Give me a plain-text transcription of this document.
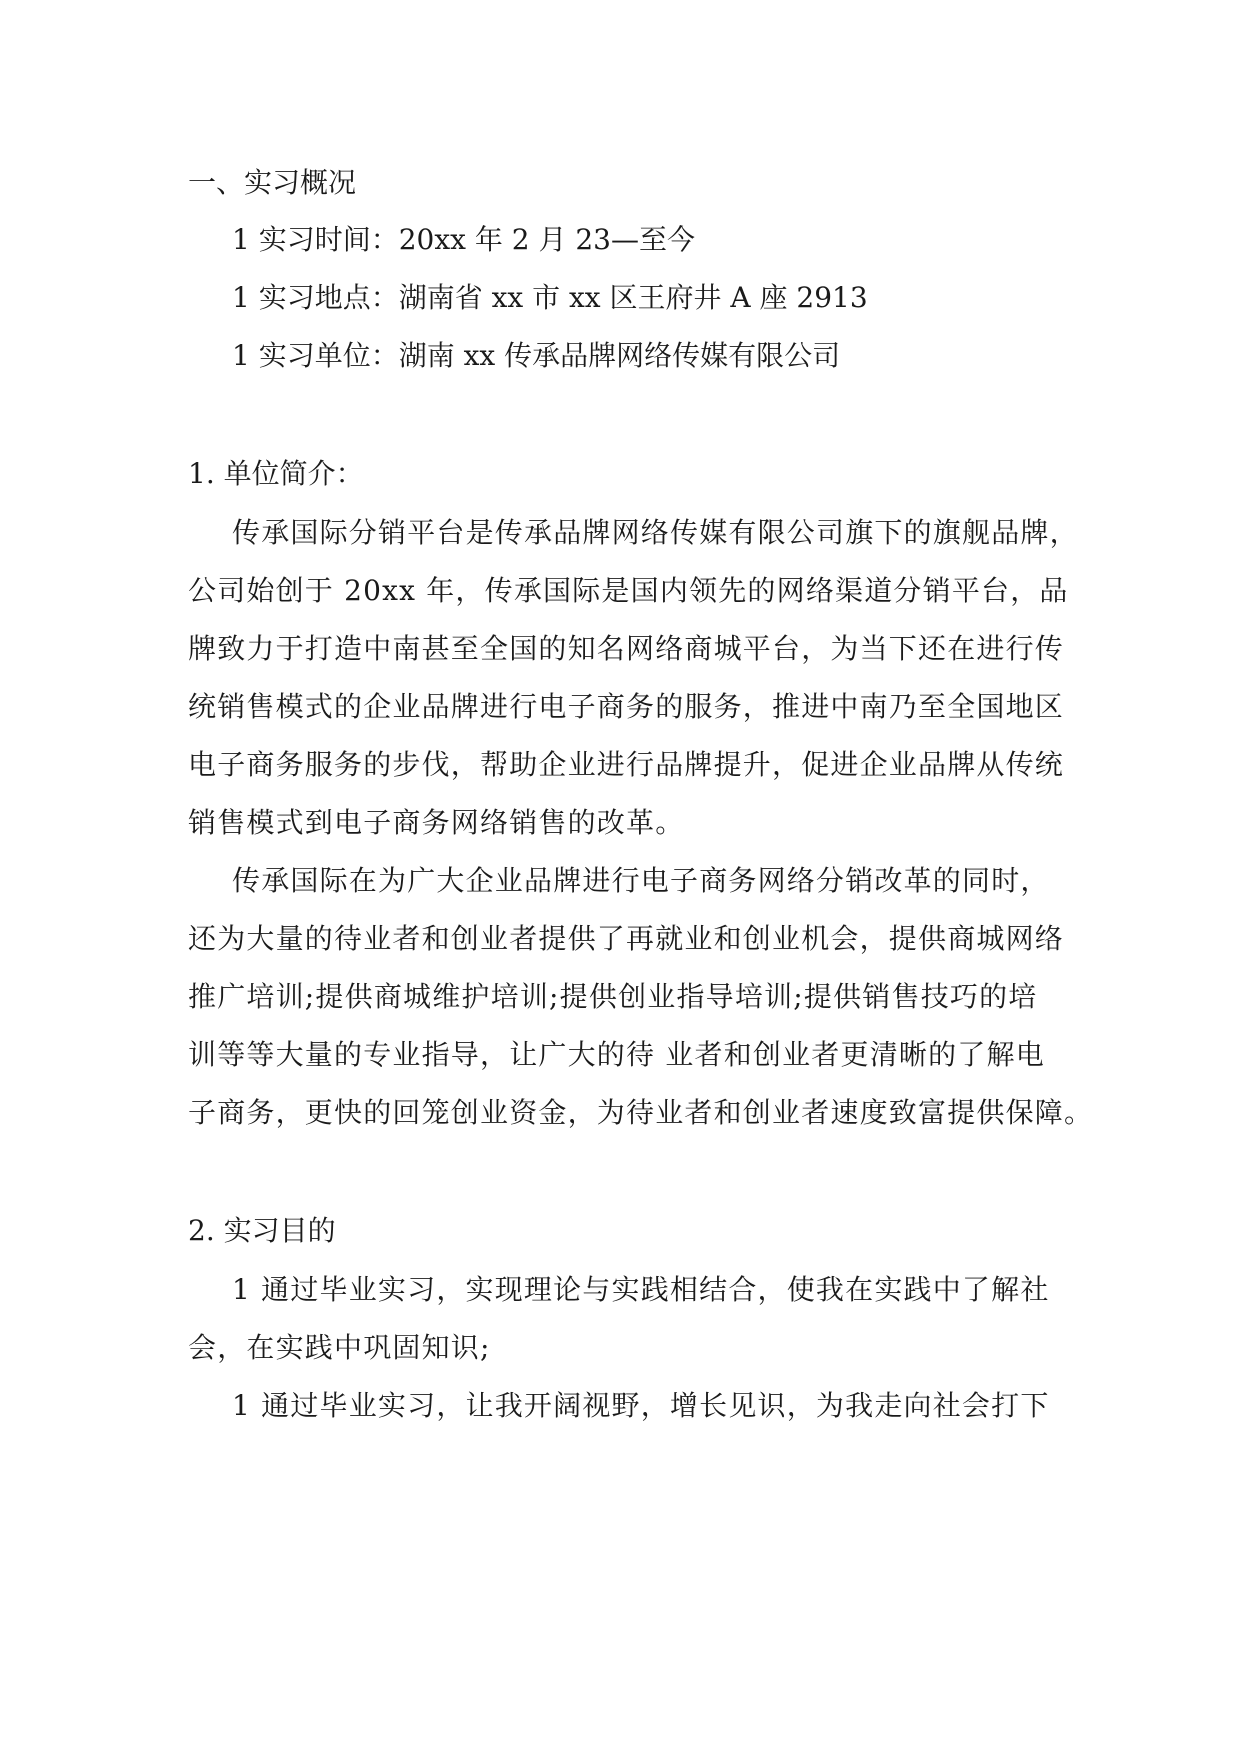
一、实习概况
1 实习时间：20xx 年 2 月 23—至今
1 实习地点：湖南省 xx 市 xx 区王府井 A 座 2913
1 实习单位：湖南 xx 传承品牌网络传媒有限公司
1. 单位简介：
传承国际分销平台是传承品牌网络传媒有限公司旗下的旗舰品牌，
公司始创于 20xx 年，传承国际是国内领先的网络渠道分销平台，品
牌致力于打造中南甚至全国的知名网络商城平台，为当下还在进行传
统销售模式的企业品牌进行电子商务的服务，推进中南乃至全国地区
电子商务服务的步伐，帮助企业进行品牌提升，促进企业品牌从传统
销售模式到电子商务网络销售的改革。
传承国际在为广大企业品牌进行电子商务网络分销改革的同时，
还为大量的待业者和创业者提供了再就业和创业机会，提供商城网络
推广培训;提供商城维护培训;提供创业指导培训;提供销售技巧的培
训等等大量的专业指导，让广大的待 业者和创业者更清晰的了解电
子商务，更快的回笼创业资金，为待业者和创业者速度致富提供保障。
2. 实习目的
1 通过毕业实习，实现理论与实践相结合，使我在实践中了解社
会，在实践中巩固知识;
1 通过毕业实习，让我开阔视野，增长见识，为我走向社会打下
